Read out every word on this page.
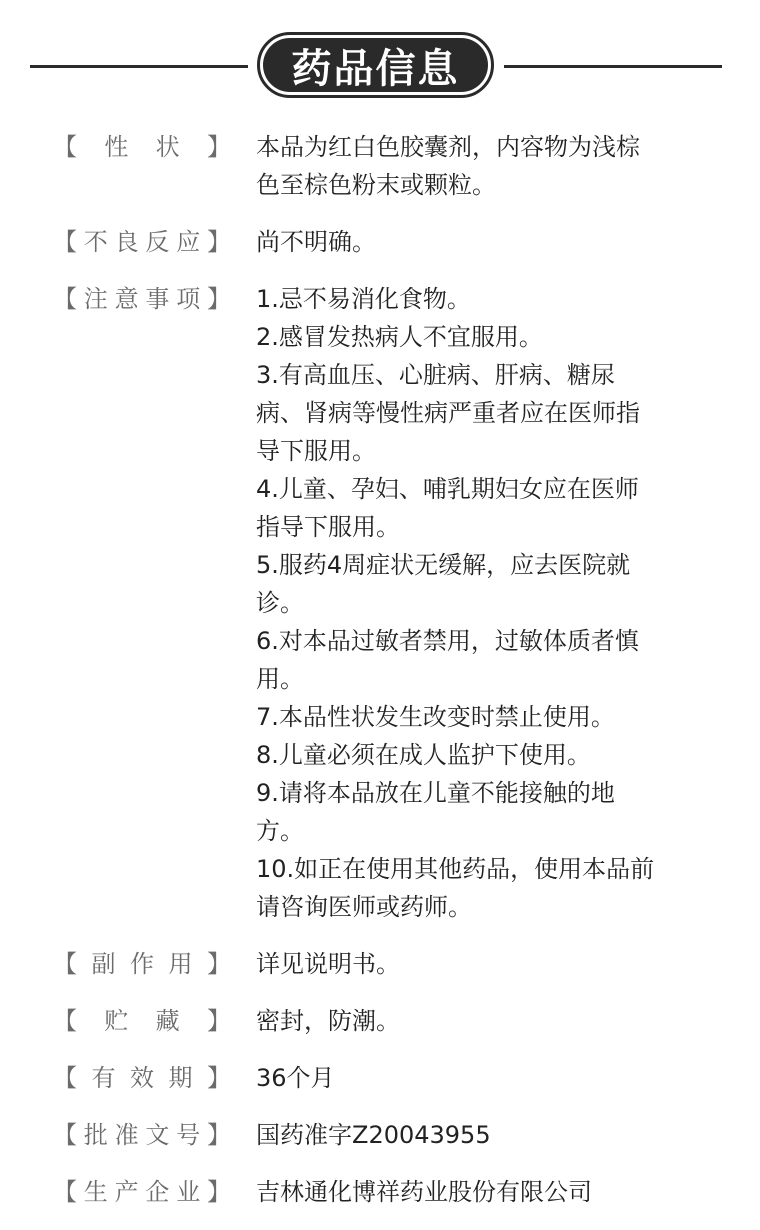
药品信息
【 性 状 】 本品为红白色胶囊剂，内容物为浅棕
色至棕色粉末或颗粒。
【 不 良 反 应 】 尚不明确。
【 注 意 事 项 】 1.忌不易消化食物。
2.感冒发热病人不宜服用。
3.有高血压、心脏病、肝病、糖尿
病、肾病等慢性病严重者应在医师指
导下服用。
4.儿童、孕妇、哺乳期妇女应在医师
指导下服用。
5.服药4周症状无缓解，应去医院就
诊。
6.对本品过敏者禁用，过敏体质者慎
用。
7.本品性状发生改变时禁止使用。
8.儿童必须在成人监护下使用。
9.请将本品放在儿童不能接触的地
方。
10.如正在使用其他药品，使用本品前
请咨询医师或药师。
【 副 作 用 】 详见说明书。
【 贮 藏 】 密封，防潮。
【 有 效 期 】 36个月
【 批 准 文 号 】 国药准字Z20043955
【 生 产 企 业 】 吉林通化博祥药业股份有限公司
